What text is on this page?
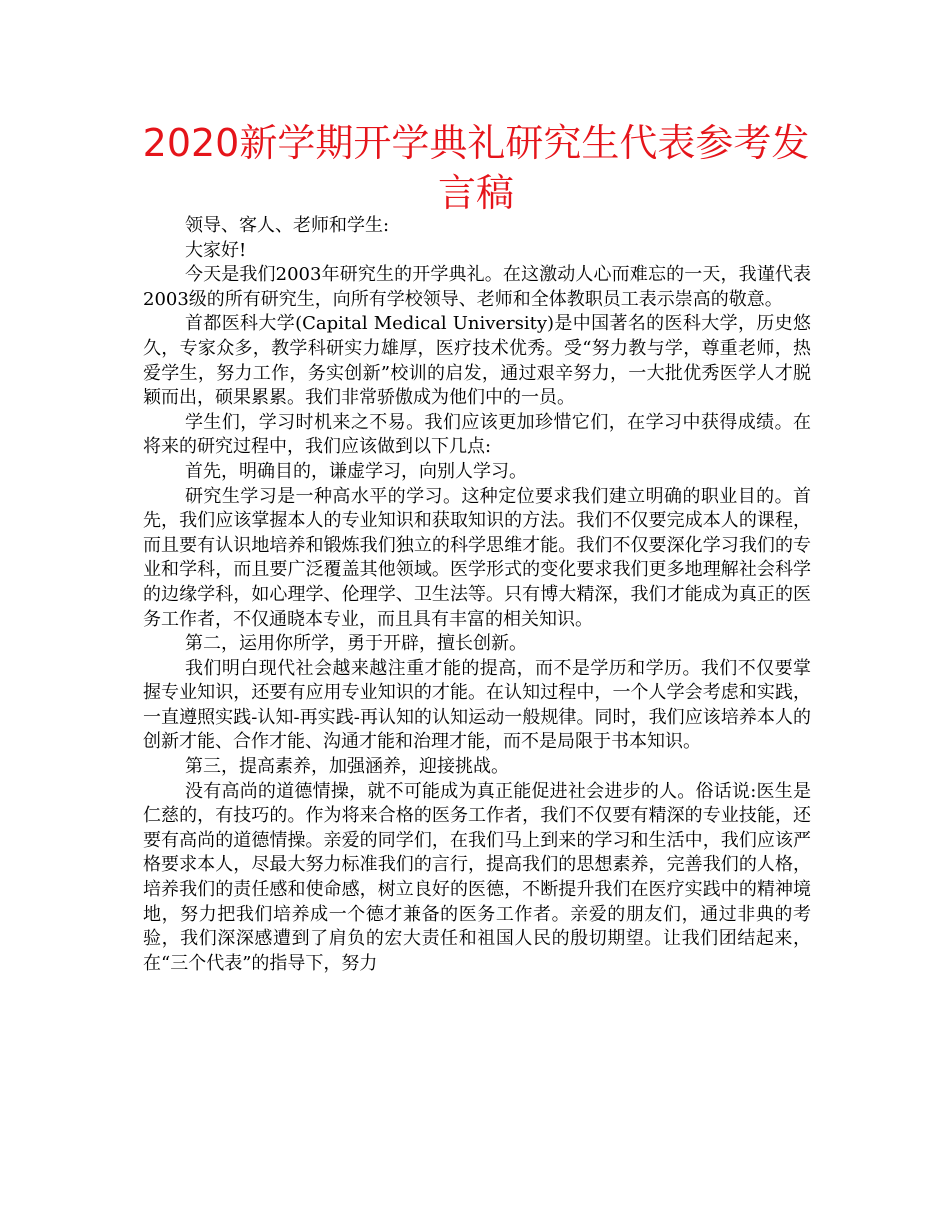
2020新学期开学典礼研究生代表参考发言稿

领导、客人、老师和学生:

大家好!

今天是我们2003年研究生的开学典礼。在这激动人心而难忘的一天，我谨代表2003级的所有研究生，向所有学校领导、老师和全体教职员工表示崇高的敬意。

首都医科大学(Capital Medical University)是中国著名的医科大学，历史悠久，专家众多，教学科研实力雄厚，医疗技术优秀。受“努力教与学，尊重老师，热爱学生，努力工作，务实创新”校训的启发，通过艰辛努力，一大批优秀医学人才脱颖而出，硕果累累。我们非常骄傲成为他们中的一员。

学生们，学习时机来之不易。我们应该更加珍惜它们，在学习中获得成绩。在将来的研究过程中，我们应该做到以下几点:

首先，明确目的，谦虚学习，向别人学习。

研究生学习是一种高水平的学习。这种定位要求我们建立明确的职业目的。首先，我们应该掌握本人的专业知识和获取知识的方法。我们不仅要完成本人的课程，而且要有认识地培养和锻炼我们独立的科学思维才能。我们不仅要深化学习我们的专业和学科，而且要广泛覆盖其他领域。医学形式的变化要求我们更多地理解社会科学的边缘学科，如心理学、伦理学、卫生法等。只有博大精深，我们才能成为真正的医务工作者，不仅通晓本专业，而且具有丰富的相关知识。

第二，运用你所学，勇于开辟，擅长创新。

我们明白现代社会越来越注重才能的提高，而不是学历和学历。我们不仅要掌握专业知识，还要有应用专业知识的才能。在认知过程中，一个人学会考虑和实践，一直遵照实践-认知-再实践-再认知的认知运动一般规律。同时，我们应该培养本人的创新才能、合作才能、沟通才能和治理才能，而不是局限于书本知识。

第三，提高素养，加强涵养，迎接挑战。

没有高尚的道德情操，就不可能成为真正能促进社会进步的人。俗话说:医生是仁慈的，有技巧的。作为将来合格的医务工作者，我们不仅要有精深的专业技能，还要有高尚的道德情操。亲爱的同学们，在我们马上到来的学习和生活中，我们应该严格要求本人，尽最大努力标准我们的言行，提高我们的思想素养，完善我们的人格，培养我们的责任感和使命感，树立良好的医德，不断提升我们在医疗实践中的精神境地，努力把我们培养成一个德才兼备的医务工作者。亲爱的朋友们，通过非典的考验，我们深深感遭到了肩负的宏大责任和祖国人民的殷切期望。让我们团结起来，在“三个代表”的指导下，努力
